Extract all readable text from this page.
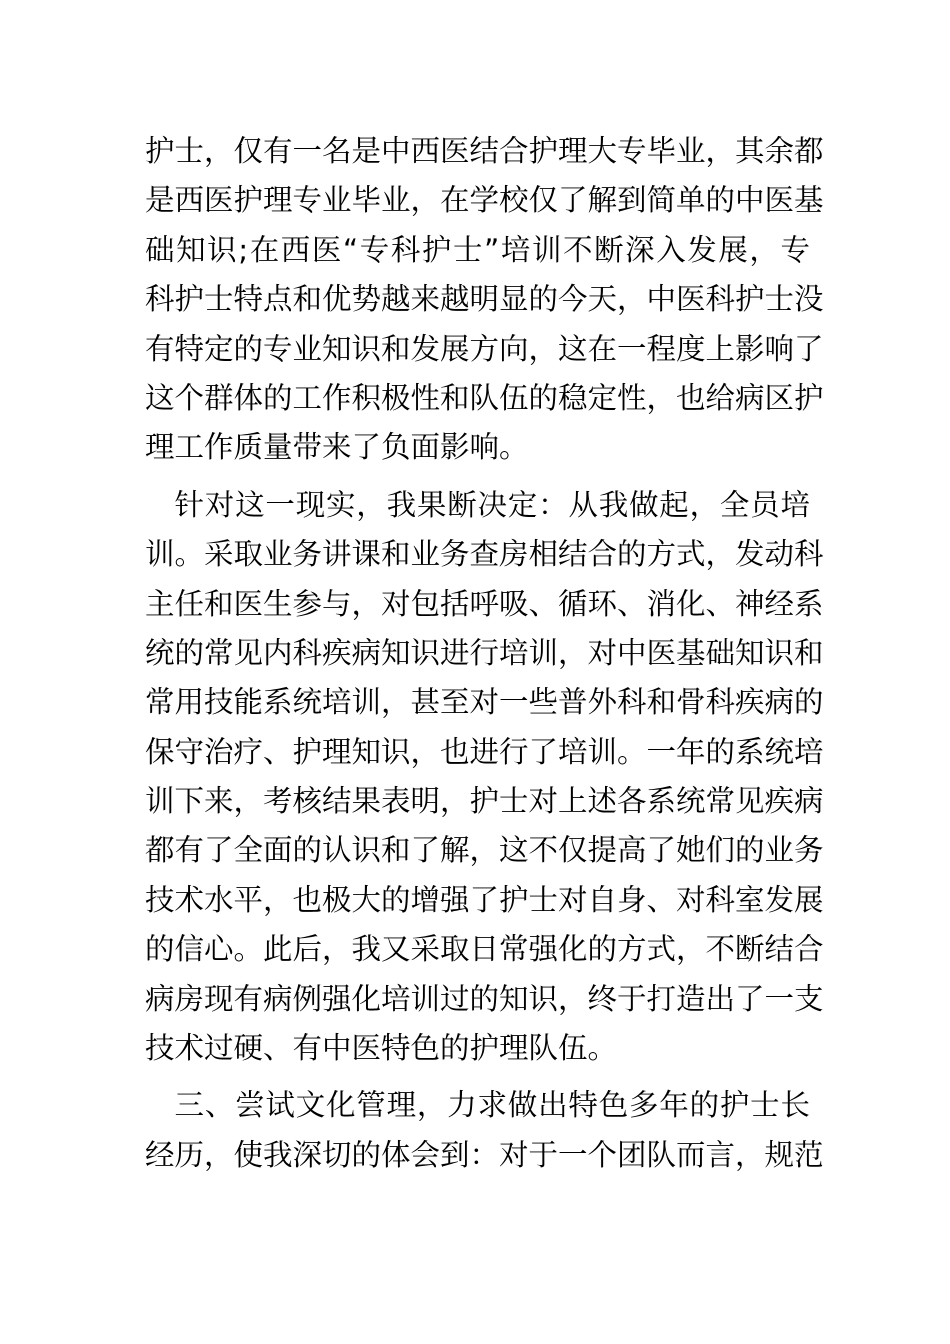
护士，仅有一名是中西医结合护理大专毕业，其余都
是西医护理专业毕业，在学校仅了解到简单的中医基
础知识;在西医“专科护士”培训不断深入发展，专
科护士特点和优势越来越明显的今天，中医科护士没
有特定的专业知识和发展方向，这在一程度上影响了
这个群体的工作积极性和队伍的稳定性，也给病区护
理工作质量带来了负面影响。
针对这一现实，我果断决定：从我做起，全员培
训。采取业务讲课和业务查房相结合的方式，发动科
主任和医生参与，对包括呼吸、循环、消化、神经系
统的常见内科疾病知识进行培训，对中医基础知识和
常用技能系统培训，甚至对一些普外科和骨科疾病的
保守治疗、护理知识，也进行了培训。一年的系统培
训下来，考核结果表明，护士对上述各系统常见疾病
都有了全面的认识和了解，这不仅提高了她们的业务
技术水平，也极大的增强了护士对自身、对科室发展
的信心。此后，我又采取日常强化的方式，不断结合
病房现有病例强化培训过的知识，终于打造出了一支
技术过硬、有中医特色的护理队伍。
三、尝试文化管理，力求做出特色多年的护士长
经历，使我深切的体会到：对于一个团队而言，规范
